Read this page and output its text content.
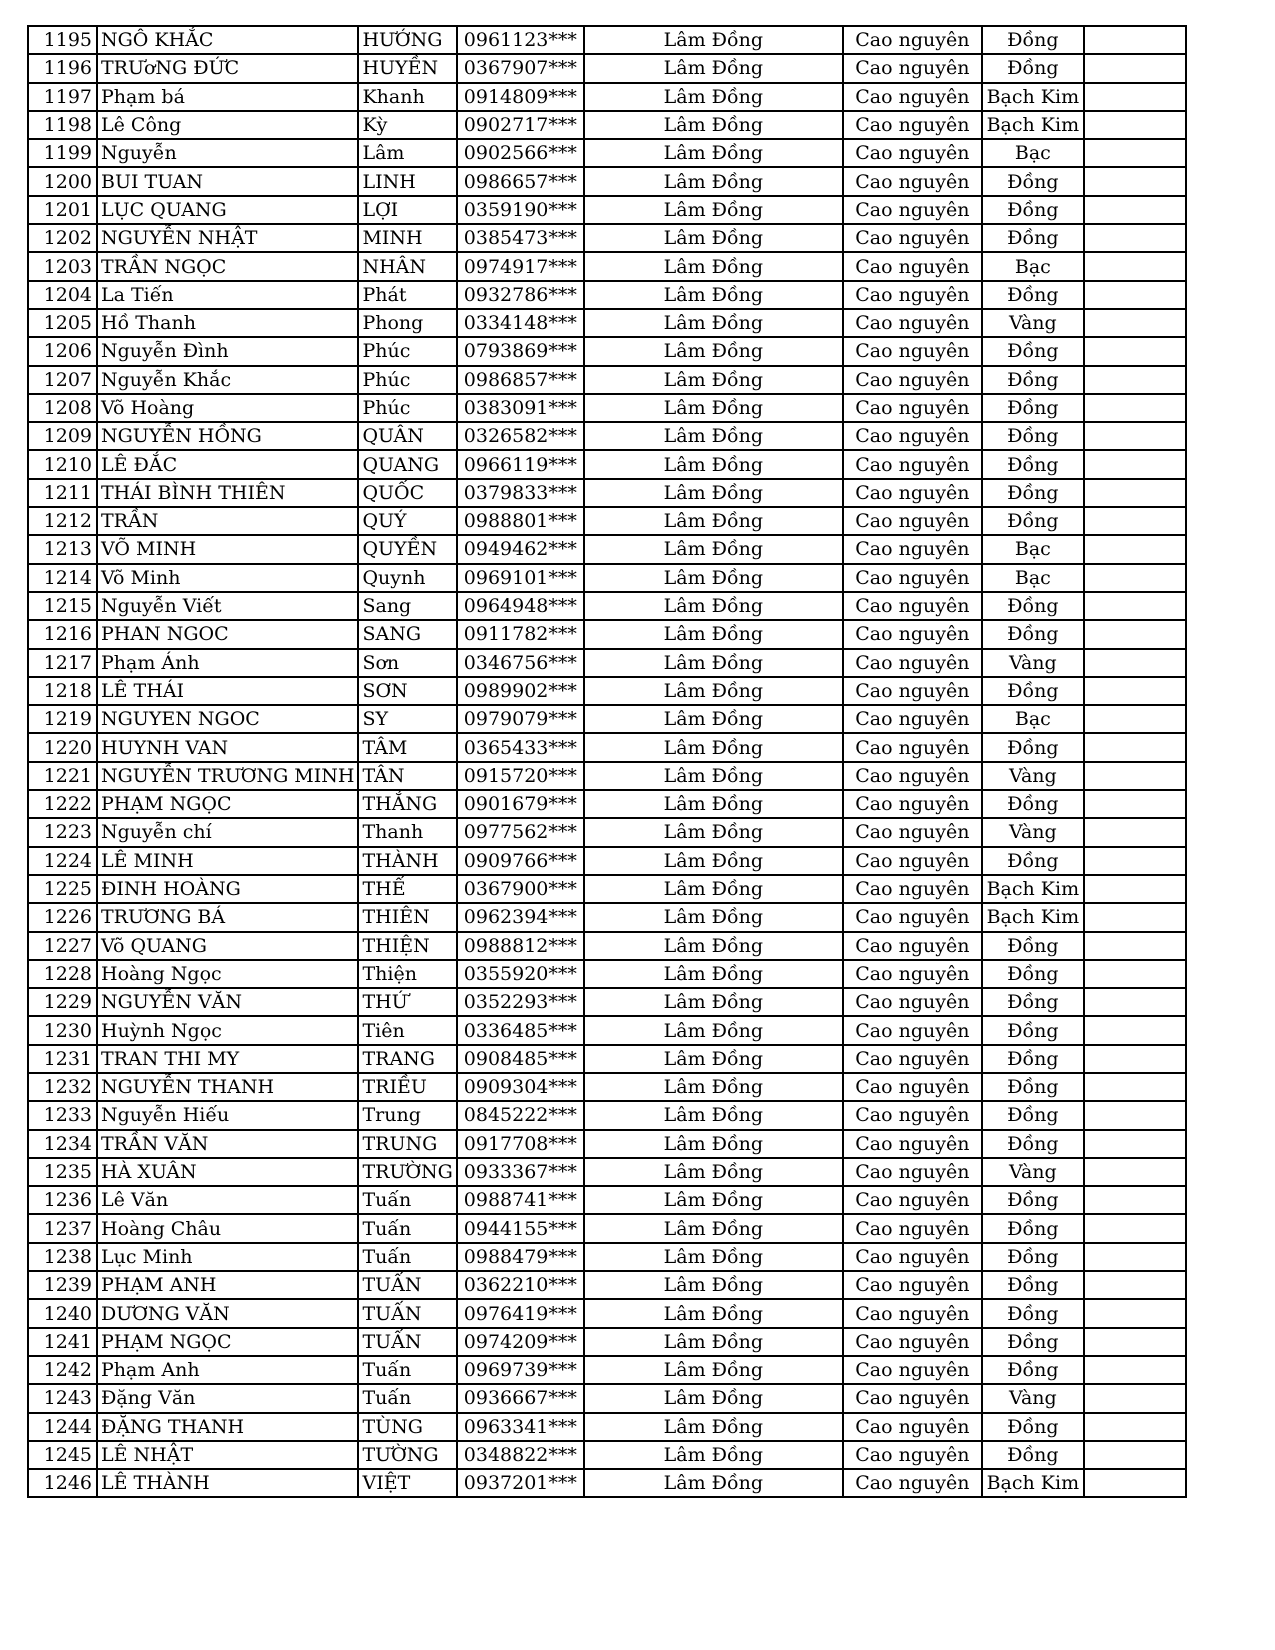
1195	NGÔ KHẮC	HƯỚNG	0961123***	Lâm Đồng	Cao nguyên	Đồng	
1196	TRƯơNG ĐỨC	HUYỀN	0367907***	Lâm Đồng	Cao nguyên	Đồng	
1197	Phạm bá	Khanh	0914809***	Lâm Đồng	Cao nguyên	Bạch Kim	
1198	Lê Công	Kỳ	0902717***	Lâm Đồng	Cao nguyên	Bạch Kim	
1199	Nguyễn	Lâm	0902566***	Lâm Đồng	Cao nguyên	Bạc	
1200	BUI TUAN	LINH	0986657***	Lâm Đồng	Cao nguyên	Đồng	
1201	LỤC QUANG	LỢI	0359190***	Lâm Đồng	Cao nguyên	Đồng	
1202	NGUYỄN NHẬT	MINH	0385473***	Lâm Đồng	Cao nguyên	Đồng	
1203	TRẦN NGỌC	NHÂN	0974917***	Lâm Đồng	Cao nguyên	Bạc	
1204	La Tiến	Phát	0932786***	Lâm Đồng	Cao nguyên	Đồng	
1205	Hồ Thanh	Phong	0334148***	Lâm Đồng	Cao nguyên	Vàng	
1206	Nguyễn Đình	Phúc	0793869***	Lâm Đồng	Cao nguyên	Đồng	
1207	Nguyễn Khắc	Phúc	0986857***	Lâm Đồng	Cao nguyên	Đồng	
1208	Võ Hoàng	Phúc	0383091***	Lâm Đồng	Cao nguyên	Đồng	
1209	NGUYỄN HỒNG	QUÂN	0326582***	Lâm Đồng	Cao nguyên	Đồng	
1210	LÊ ĐẮC	QUANG	0966119***	Lâm Đồng	Cao nguyên	Đồng	
1211	THÁI BÌNH THIÊN	QUỐC	0379833***	Lâm Đồng	Cao nguyên	Đồng	
1212	TRẦN	QUÝ	0988801***	Lâm Đồng	Cao nguyên	Đồng	
1213	VÕ MINH	QUYỀN	0949462***	Lâm Đồng	Cao nguyên	Bạc	
1214	Võ Minh	Quynh	0969101***	Lâm Đồng	Cao nguyên	Bạc	
1215	Nguyễn Viết	Sang	0964948***	Lâm Đồng	Cao nguyên	Đồng	
1216	PHAN NGOC	SANG	0911782***	Lâm Đồng	Cao nguyên	Đồng	
1217	Phạm Ánh	Sơn	0346756***	Lâm Đồng	Cao nguyên	Vàng	
1218	LÊ THÁI	SƠN	0989902***	Lâm Đồng	Cao nguyên	Đồng	
1219	NGUYEN NGOC	SY	0979079***	Lâm Đồng	Cao nguyên	Bạc	
1220	HUYNH VAN	TÂM	0365433***	Lâm Đồng	Cao nguyên	Đồng	
1221	NGUYỄN TRƯƠNG MINH	TÂN	0915720***	Lâm Đồng	Cao nguyên	Vàng	
1222	PHẠM NGỌC	THẮNG	0901679***	Lâm Đồng	Cao nguyên	Đồng	
1223	Nguyễn chí	Thanh	0977562***	Lâm Đồng	Cao nguyên	Vàng	
1224	LÊ MINH	THÀNH	0909766***	Lâm Đồng	Cao nguyên	Đồng	
1225	ĐINH HOÀNG	THẾ	0367900***	Lâm Đồng	Cao nguyên	Bạch Kim	
1226	TRƯƠNG BÁ	THIÊN	0962394***	Lâm Đồng	Cao nguyên	Bạch Kim	
1227	Võ QUANG	THIỆN	0988812***	Lâm Đồng	Cao nguyên	Đồng	
1228	Hoàng Ngọc	Thiện	0355920***	Lâm Đồng	Cao nguyên	Đồng	
1229	NGUYỄN VĂN	THỨ	0352293***	Lâm Đồng	Cao nguyên	Đồng	
1230	Huỳnh Ngọc	Tiên	0336485***	Lâm Đồng	Cao nguyên	Đồng	
1231	TRAN THI MY	TRANG	0908485***	Lâm Đồng	Cao nguyên	Đồng	
1232	NGUYỄN THANH	TRIỀU	0909304***	Lâm Đồng	Cao nguyên	Đồng	
1233	Nguyễn Hiếu	Trung	0845222***	Lâm Đồng	Cao nguyên	Đồng	
1234	TRẦN VĂN	TRUNG	0917708***	Lâm Đồng	Cao nguyên	Đồng	
1235	HÀ XUÂN	TRƯỜNG	0933367***	Lâm Đồng	Cao nguyên	Vàng	
1236	Lê Văn	Tuấn	0988741***	Lâm Đồng	Cao nguyên	Đồng	
1237	Hoàng Châu	Tuấn	0944155***	Lâm Đồng	Cao nguyên	Đồng	
1238	Lục Minh	Tuấn	0988479***	Lâm Đồng	Cao nguyên	Đồng	
1239	PHẠM ANH	TUẤN	0362210***	Lâm Đồng	Cao nguyên	Đồng	
1240	DƯƠNG VĂN	TUẤN	0976419***	Lâm Đồng	Cao nguyên	Đồng	
1241	PHẠM NGỌC	TUẤN	0974209***	Lâm Đồng	Cao nguyên	Đồng	
1242	Phạm Anh	Tuấn	0969739***	Lâm Đồng	Cao nguyên	Đồng	
1243	Đặng Văn	Tuấn	0936667***	Lâm Đồng	Cao nguyên	Vàng	
1244	ĐẶNG THANH	TÙNG	0963341***	Lâm Đồng	Cao nguyên	Đồng	
1245	LÊ NHẬT	TƯỜNG	0348822***	Lâm Đồng	Cao nguyên	Đồng	
1246	LÊ THÀNH	VIỆT	0937201***	Lâm Đồng	Cao nguyên	Bạch Kim	
